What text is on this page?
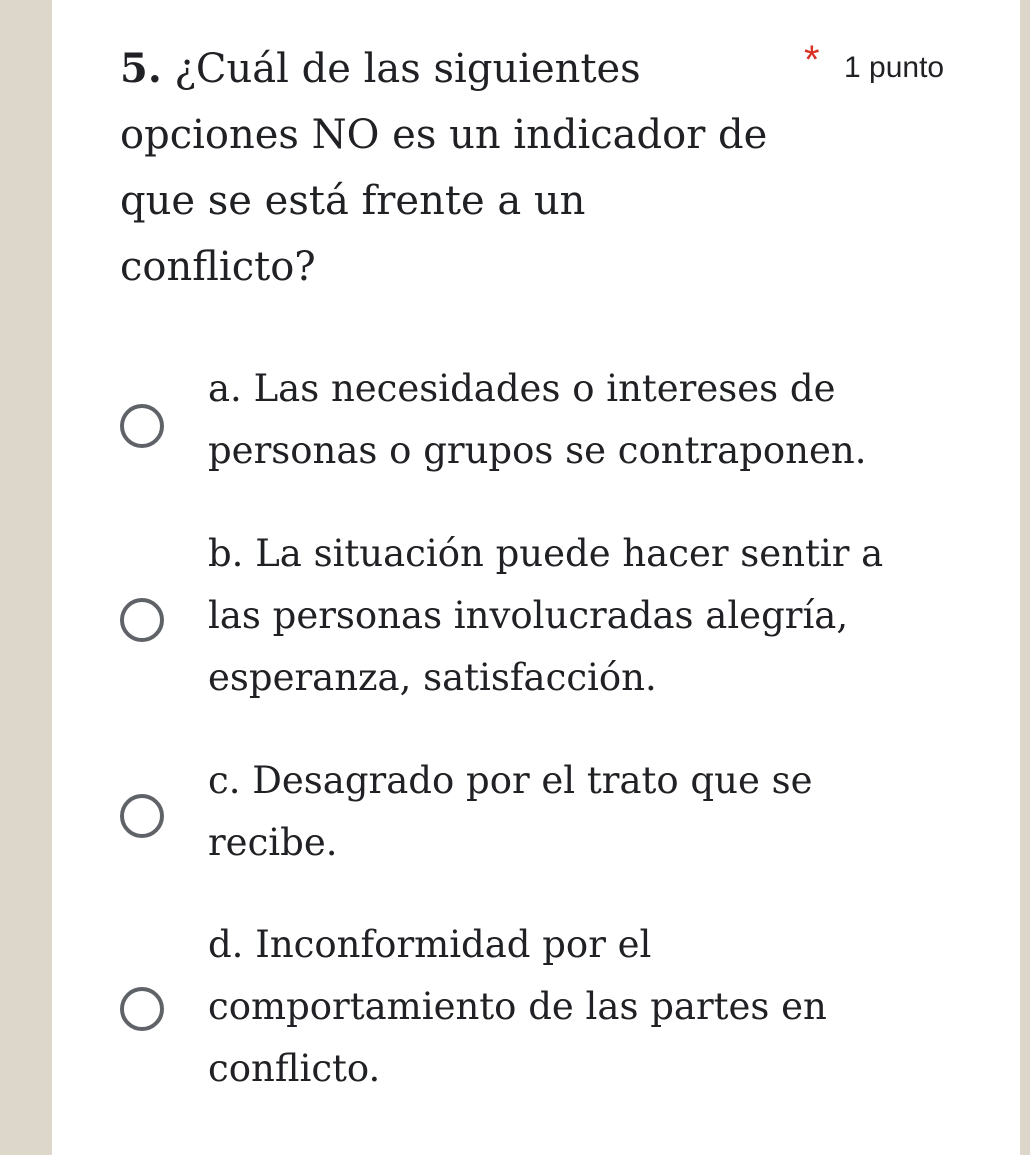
5. ¿Cuál de las siguientes opciones NO es un indicador de que se está frente a un conflicto?
* 1 punto
a. Las necesidades o intereses de personas o grupos se contraponen.
b. La situación puede hacer sentir a las personas involucradas alegría, esperanza, satisfacción.
c. Desagrado por el trato que se recibe.
d. Inconformidad por el comportamiento de las partes en conflicto.
